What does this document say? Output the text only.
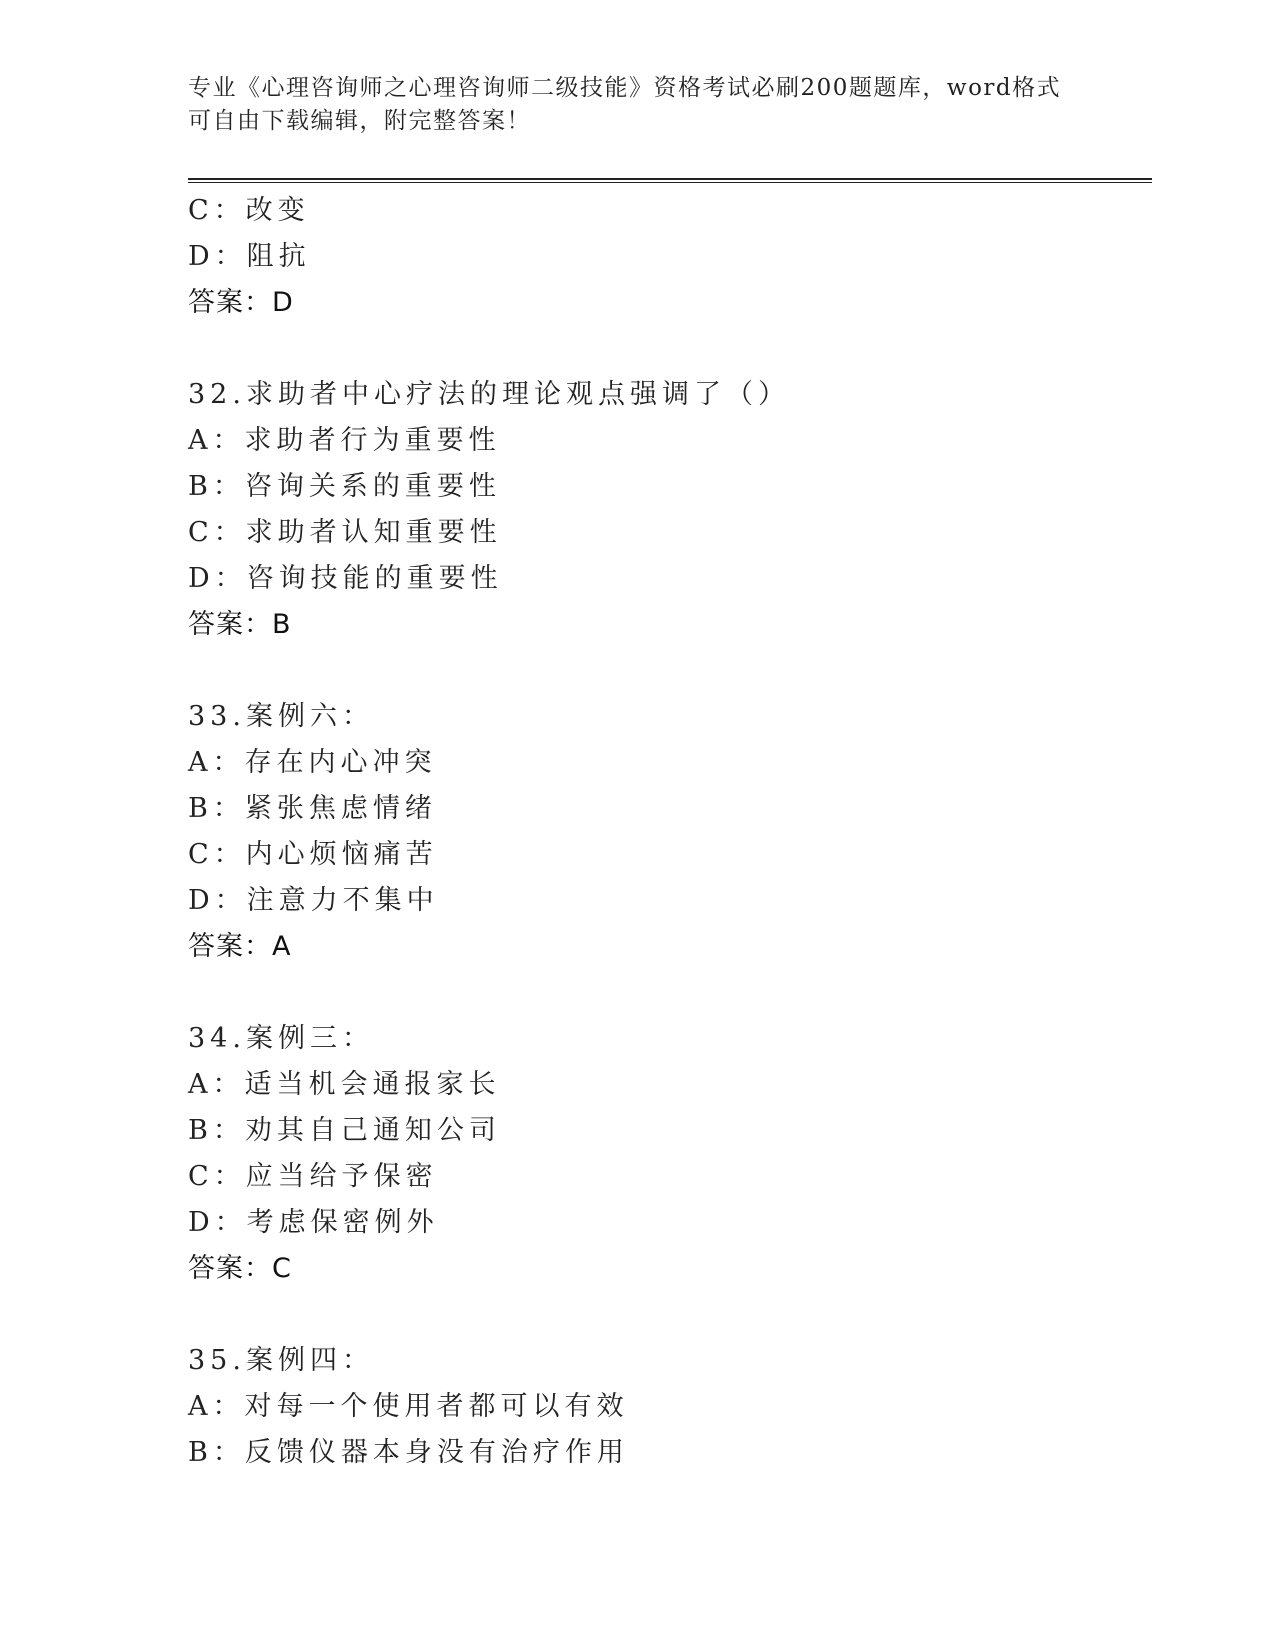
专业《心理咨询师之心理咨询师二级技能》资格考试必刷200题题库，word格式
可自由下载编辑，附完整答案！
C：改变
D：阻抗
答案：D
32.求助者中心疗法的理论观点强调了（）
A：求助者行为重要性
B：咨询关系的重要性
C：求助者认知重要性
D：咨询技能的重要性
答案：B
33.案例六：
A：存在内心冲突
B：紧张焦虑情绪
C：内心烦恼痛苦
D：注意力不集中
答案：A
34.案例三：
A：适当机会通报家长
B：劝其自己通知公司
C：应当给予保密
D：考虑保密例外
答案：C
35.案例四：
A：对每一个使用者都可以有效
B：反馈仪器本身没有治疗作用
